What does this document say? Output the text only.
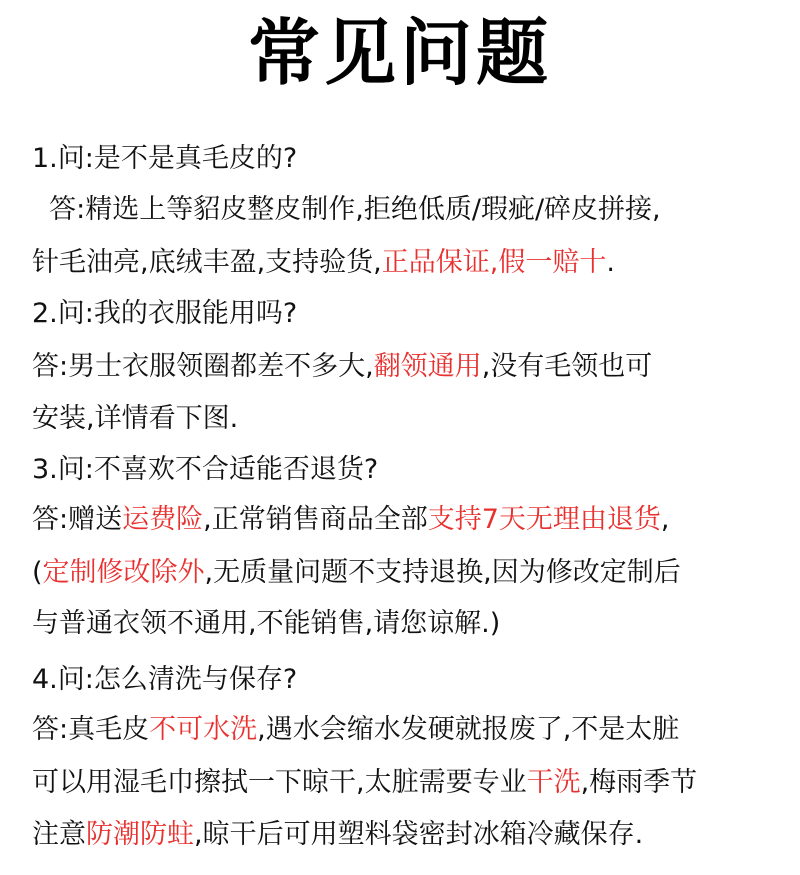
常见问题
1.问:是不是真毛皮的?
答:精选上等貂皮整皮制作,拒绝低质/瑕疵/碎皮拼接,
针毛油亮,底绒丰盈,支持验货,正品保证,假一赔十.
2.问:我的衣服能用吗?
答:男士衣服领圈都差不多大,翻领通用,没有毛领也可
安装,详情看下图.
3.问:不喜欢不合适能否退货?
答:赠送运费险,正常销售商品全部支持7天无理由退货,
(定制修改除外,无质量问题不支持退换,因为修改定制后
与普通衣领不通用,不能销售,请您谅解.)
4.问:怎么清洗与保存?
答:真毛皮不可水洗,遇水会缩水发硬就报废了,不是太脏
可以用湿毛巾擦拭一下晾干,太脏需要专业干洗,梅雨季节
注意防潮防蛀,晾干后可用塑料袋密封冰箱冷藏保存.
